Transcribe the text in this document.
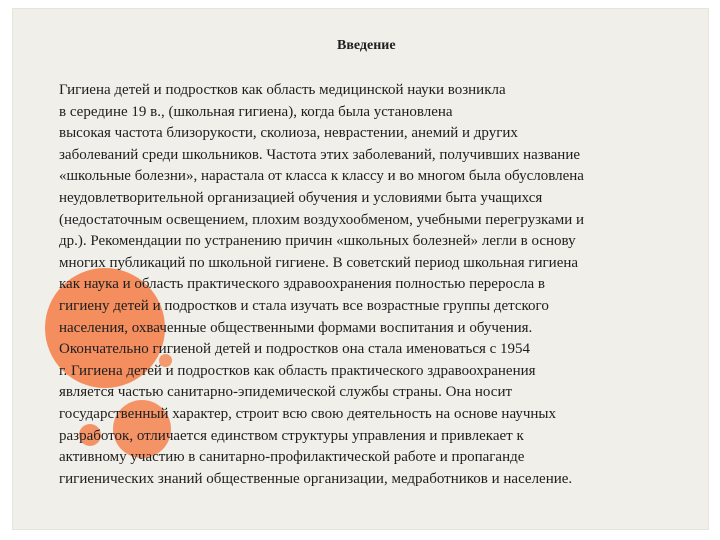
Введение

Гигиена детей и подростков как область медицинской науки возникла
в середине 19 в., (школьная гигиена), когда была установлена
высокая частота близорукости, сколиоза, неврастении, анемий и других
заболеваний среди школьников. Частота этих заболеваний, получивших название
«школьные болезни», нарастала от класса к классу и во многом была обусловлена
неудовлетворительной организацией обучения и условиями быта учащихся
(недостаточным освещением, плохим воздухообменом, учебными перегрузками и
др.). Рекомендации по устранению причин «школьных болезней» легли в основу
многих публикаций по школьной гигиене. В советский период школьная гигиена
как наука и область практического здравоохранения полностью переросла в
гигиену детей и подростков и стала изучать все возрастные группы детского
населения, охваченные общественными формами воспитания и обучения.
Окончательно гигиеной детей и подростков она стала именоваться с 1954
г. Гигиена детей и подростков как область практического здравоохранения
является частью санитарно-эпидемической службы страны. Она носит
государственный характер, строит всю свою деятельность на основе научных
разработок, отличается единством структуры управления и привлекает к
активному участию в санитарно-профилактической работе и пропаганде
гигиенических знаний общественные организации, медработников и население.
